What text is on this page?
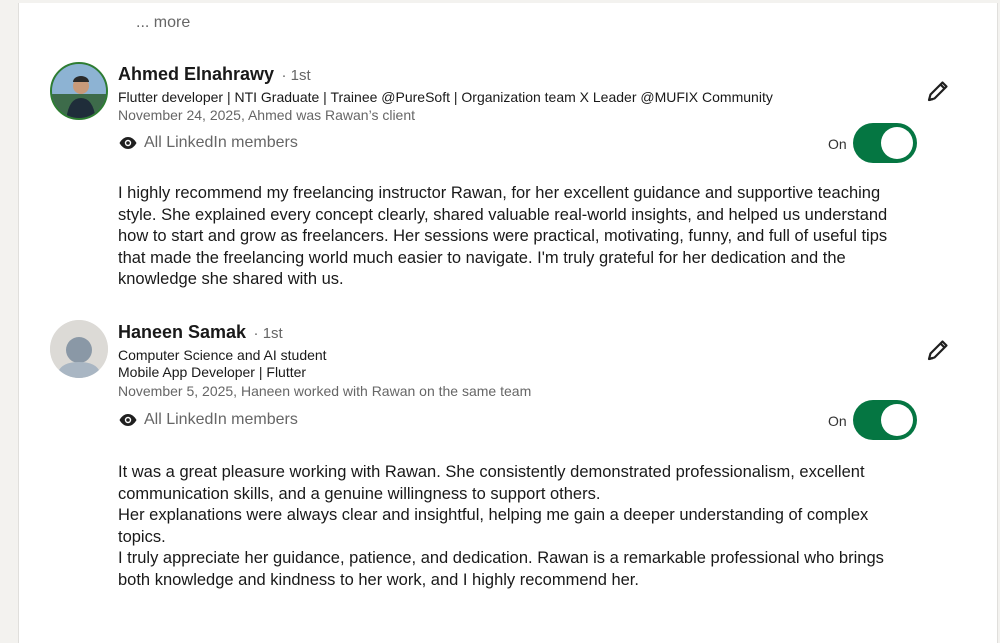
... more
Ahmed Elnahrawy · 1st
Flutter developer | NTI Graduate | Trainee @PureSoft | Organization team X Leader @MUFIX Community
November 24, 2025, Ahmed was Rawan’s client
All LinkedIn members	On

I highly recommend my freelancing instructor Rawan, for her excellent guidance and supportive teaching style. She explained every concept clearly, shared valuable real-world insights, and helped us understand how to start and grow as freelancers. Her sessions were practical, motivating, funny, and full of useful tips that made the freelancing world much easier to navigate. I'm truly grateful for her dedication and the knowledge she shared with us.

Haneen Samak · 1st
Computer Science and AI student
Mobile App Developer | Flutter
November 5, 2025, Haneen worked with Rawan on the same team
All LinkedIn members	On

It was a great pleasure working with Rawan. She consistently demonstrated professionalism, excellent communication skills, and a genuine willingness to support others.

Her explanations were always clear and insightful, helping me gain a deeper understanding of complex topics.

I truly appreciate her guidance, patience, and dedication. Rawan is a remarkable professional who brings both knowledge and kindness to her work, and I highly recommend her.
